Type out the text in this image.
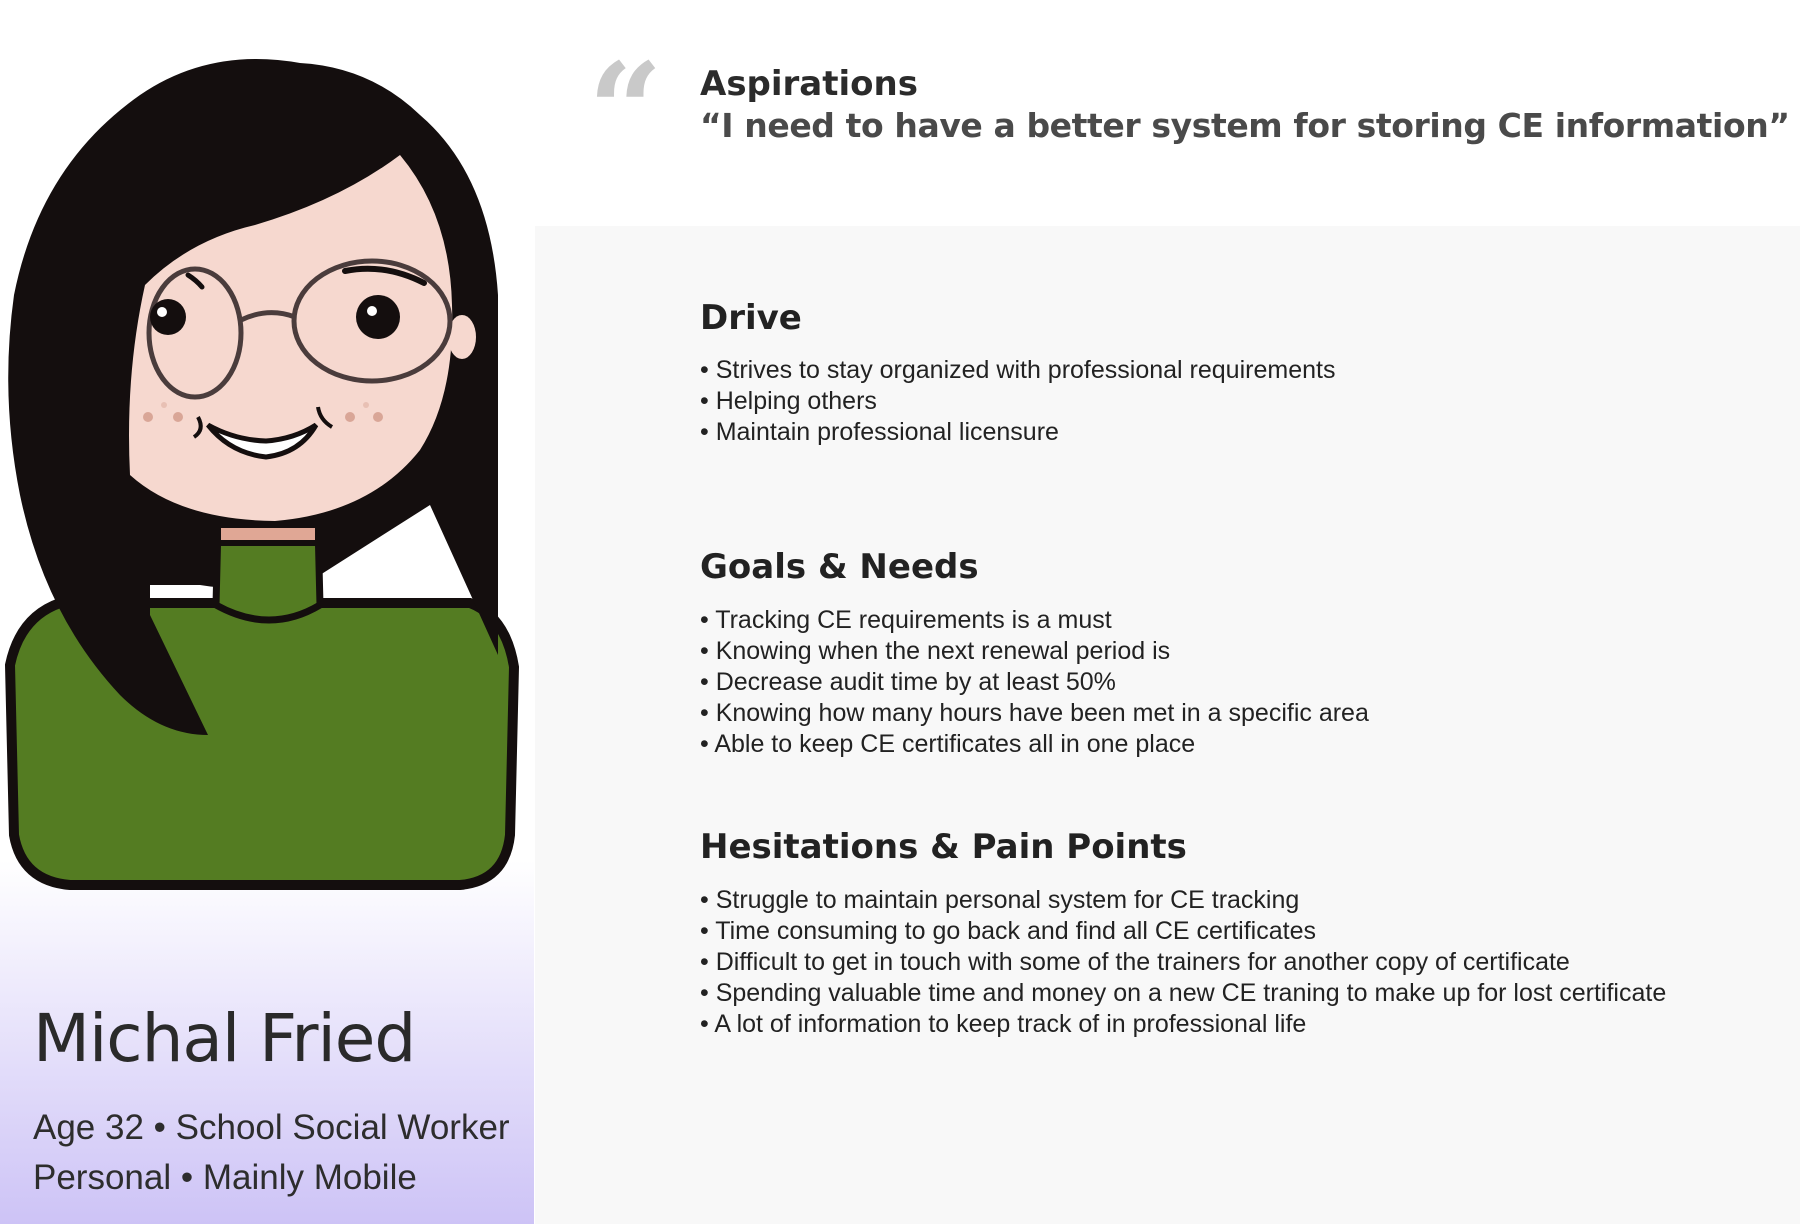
Michal Fried
Age 32 • School Social Worker
Personal • Mainly Mobile
“ Aspirations
“I need to have a better system for storing CE information”
Drive
• Strives to stay organized with professional requirements
• Helping others
• Maintain professional licensure
Goals & Needs
• Tracking CE requirements is a must
• Knowing when the next renewal period is
• Decrease audit time by at least 50%
• Knowing how many hours have been met in a specific area
• Able to keep CE certificates all in one place
Hesitations & Pain Points
• Struggle to maintain personal system for CE tracking
• Time consuming to go back and find all CE certificates
• Difficult to get in touch with some of the trainers for another copy of certificate
• Spending valuable time and money on a new CE traning to make up for lost certificate
• A lot of information to keep track of in professional life
